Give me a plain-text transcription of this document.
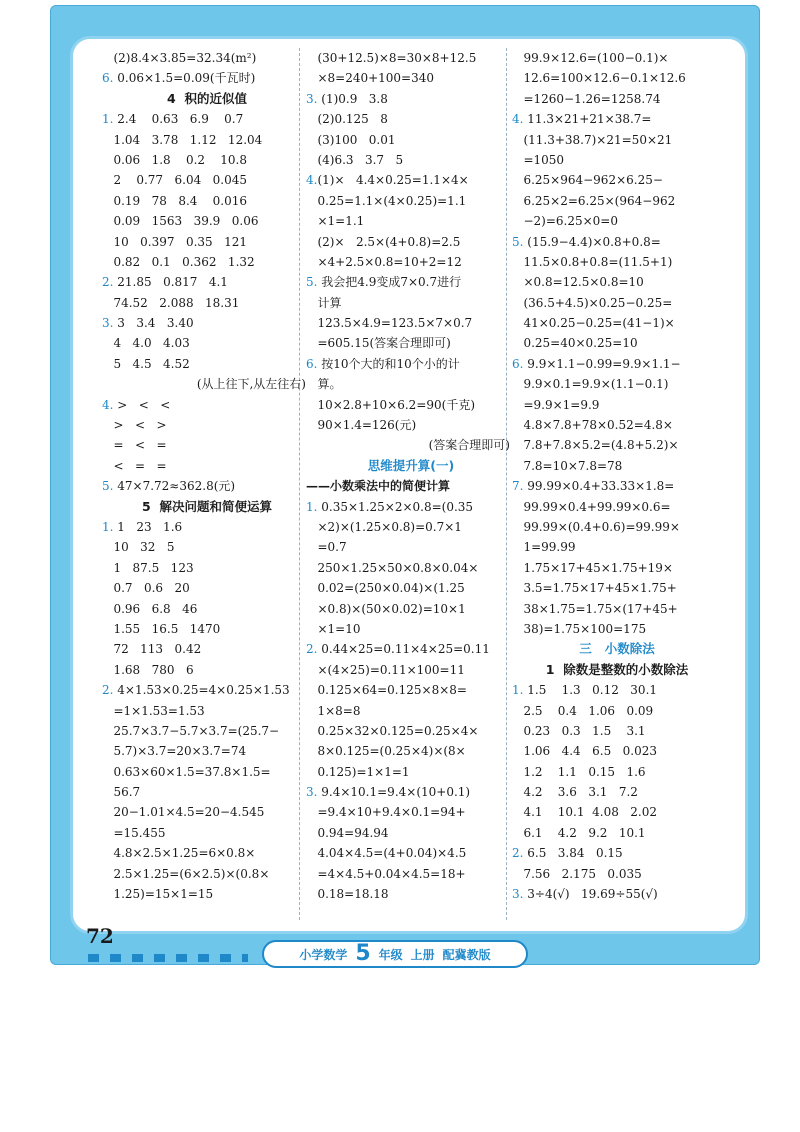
(2)8.4×3.85=32.34(m²)
6. 0.06×1.5=0.09(千瓦时)
4  积的近似值
1. 2.4    0.63   6.9    0.7
1.04   3.78   1.12   12.04
0.06   1.8    0.2    10.8
2    0.77   6.04   0.045
0.19   78   8.4    0.016
0.09   1563   39.9   0.06
10   0.397   0.35   121
0.82   0.1   0.362   1.32
2. 21.85   0.817   4.1
74.52   2.088   18.31
3. 3   3.4   3.40
4   4.0   4.03
5   4.5   4.52
(从上往下,从左往右)
4. >   <   <
>   <   >
=   <   =
<   =   =
5. 47×7.72≈362.8(元)
5  解决问题和简便运算
1. 1   23   1.6
10   32   5
1   87.5   123
0.7   0.6   20
0.96   6.8   46
1.55   16.5   1470
72   113   0.42
1.68   780   6
2. 4×1.53×0.25=4×0.25×1.53
=1×1.53=1.53
25.7×3.7−5.7×3.7=(25.7−
5.7)×3.7=20×3.7=74
0.63×60×1.5=37.8×1.5=
56.7
20−1.01×4.5=20−4.545
=15.455
4.8×2.5×1.25=6×0.8×
2.5×1.25=(6×2.5)×(0.8×
1.25)=15×1=15
(30+12.5)×8=30×8+12.5
×8=240+100=340
3. (1)0.9   3.8
(2)0.125   8
(3)100   0.01
(4)6.3   3.7   5
4.(1)×   4.4×0.25=1.1×4×
0.25=1.1×(4×0.25)=1.1
×1=1.1
(2)×   2.5×(4+0.8)=2.5
×4+2.5×0.8=10+2=12
5. 我会把4.9变成7×0.7进行
计算
123.5×4.9=123.5×7×0.7
=605.15(答案合理即可)
6. 按10个大的和10个小的计
算。
10×2.8+10×6.2=90(千克)
90×1.4=126(元)
(答案合理即可)
思维提升算(一)
——小数乘法中的简便计算
1. 0.35×1.25×2×0.8=(0.35
×2)×(1.25×0.8)=0.7×1
=0.7
250×1.25×50×0.8×0.04×
0.02=(250×0.04)×(1.25
×0.8)×(50×0.02)=10×1
×1=10
2. 0.44×25=0.11×4×25=0.11
×(4×25)=0.11×100=11
0.125×64=0.125×8×8=
1×8=8
0.25×32×0.125=0.25×4×
8×0.125=(0.25×4)×(8×
0.125)=1×1=1
3. 9.4×10.1=9.4×(10+0.1)
=9.4×10+9.4×0.1=94+
0.94=94.94
4.04×4.5=(4+0.04)×4.5
=4×4.5+0.04×4.5=18+
0.18=18.18
99.9×12.6=(100−0.1)×
12.6=100×12.6−0.1×12.6
=1260−1.26=1258.74
4. 11.3×21+21×38.7=
(11.3+38.7)×21=50×21
=1050
6.25×964−962×6.25−
6.25×2=6.25×(964−962
−2)=6.25×0=0
5. (15.9−4.4)×0.8+0.8=
11.5×0.8+0.8=(11.5+1)
×0.8=12.5×0.8=10
(36.5+4.5)×0.25−0.25=
41×0.25−0.25=(41−1)×
0.25=40×0.25=10
6. 9.9×1.1−0.99=9.9×1.1−
9.9×0.1=9.9×(1.1−0.1)
=9.9×1=9.9
4.8×7.8+78×0.52=4.8×
7.8+7.8×5.2=(4.8+5.2)×
7.8=10×7.8=78
7. 99.99×0.4+33.33×1.8=
99.99×0.4+99.99×0.6=
99.99×(0.4+0.6)=99.99×
1=99.99
1.75×17+45×1.75+19×
3.5=1.75×17+45×1.75+
38×1.75=1.75×(17+45+
38)=1.75×100=175
三   小数除法
1  除数是整数的小数除法
1. 1.5    1.3   0.12   30.1
2.5    0.4   1.06   0.09
0.23   0.3   1.5    3.1
1.06   4.4   6.5   0.023
1.2    1.1   0.15   1.6
4.2    3.6   3.1   7.2
4.1    10.1  4.08   2.02
6.1    4.2   9.2   10.1
2. 6.5   3.84   0.15
7.56   2.175   0.035
3. 3÷4(√)   19.69÷55(√)
72
小学数学 5 年级 上册 配冀教版
